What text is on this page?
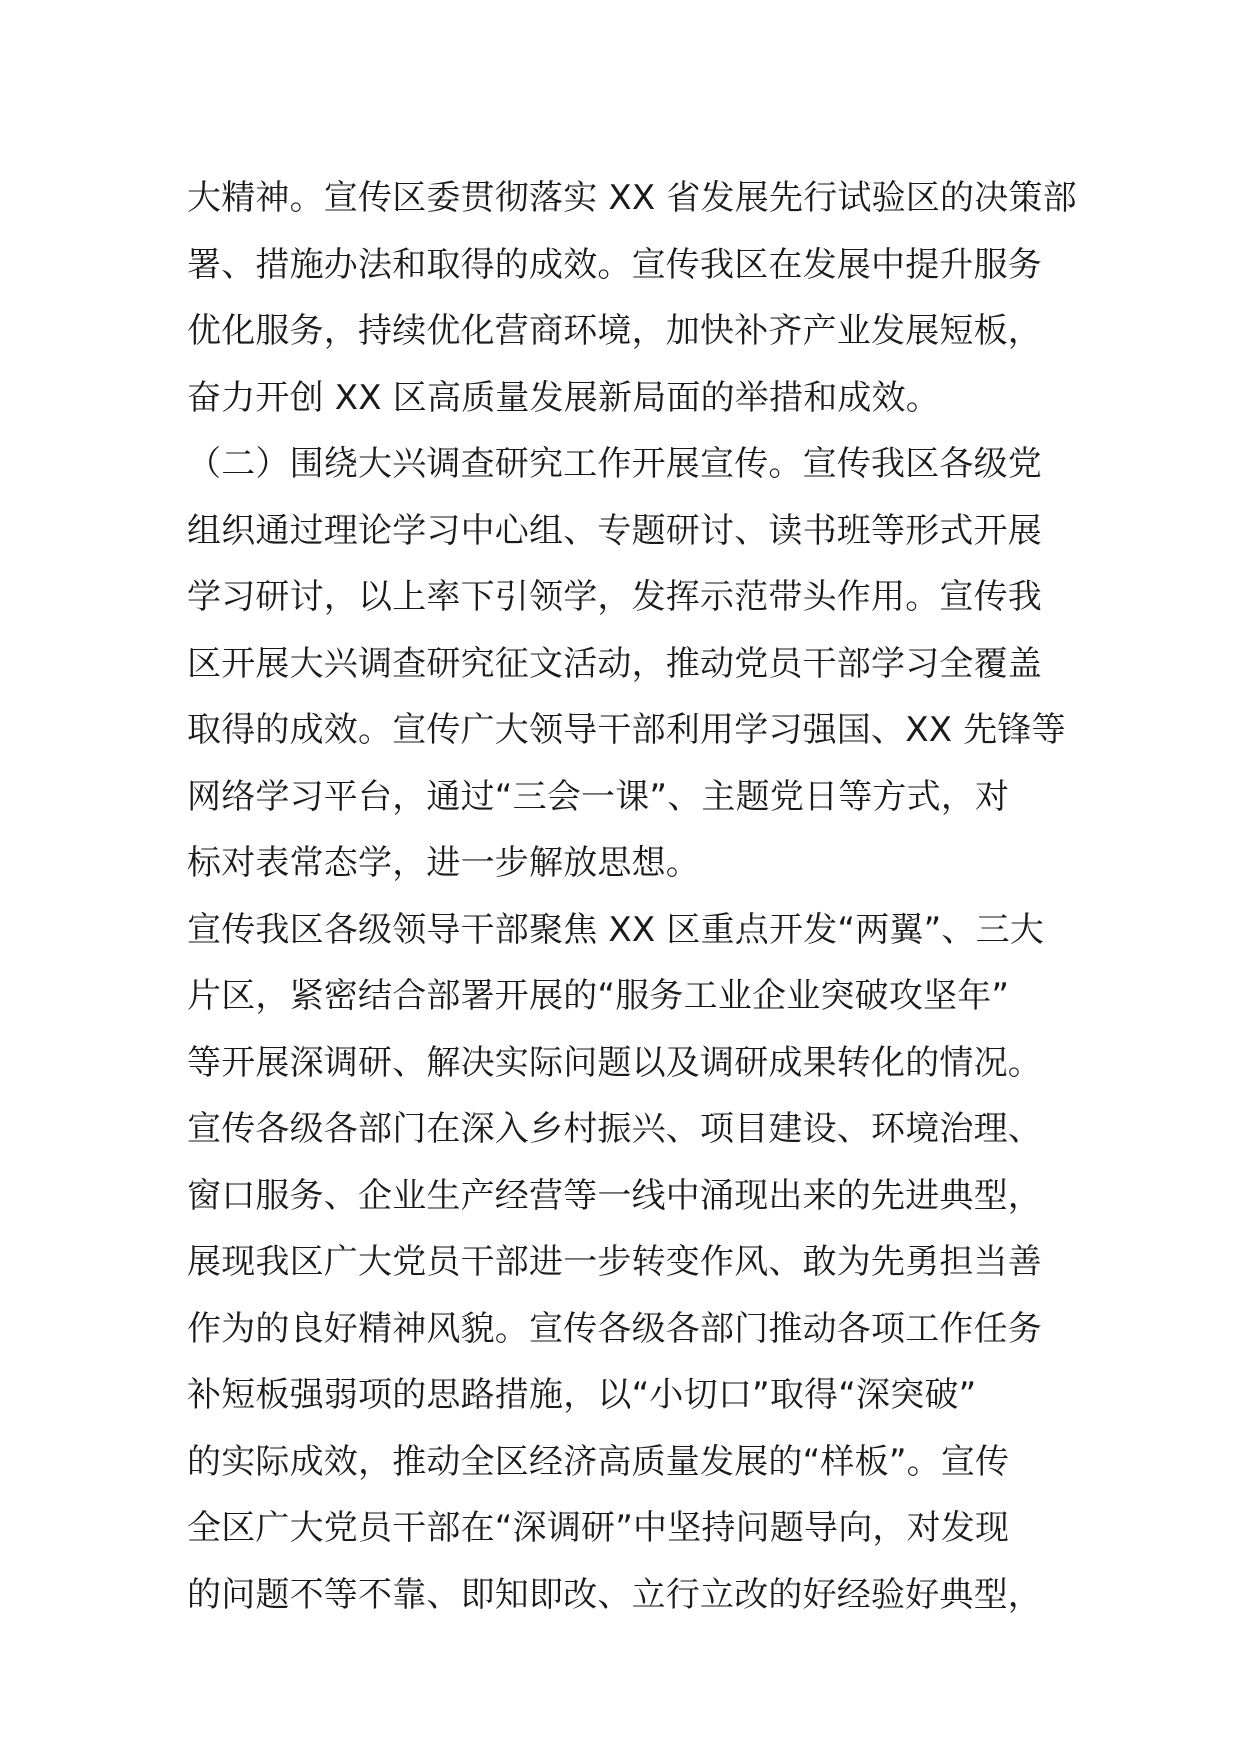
大精神。宣传区委贯彻落实 XX 省发展先行试验区的决策部
署、措施办法和取得的成效。宣传我区在发展中提升服务
优化服务，持续优化营商环境，加快补齐产业发展短板，
奋力开创 XX 区高质量发展新局面的举措和成效。
（二）围绕大兴调查研究工作开展宣传。宣传我区各级党
组织通过理论学习中心组、专题研讨、读书班等形式开展
学习研讨，以上率下引领学，发挥示范带头作用。宣传我
区开展大兴调查研究征文活动，推动党员干部学习全覆盖
取得的成效。宣传广大领导干部利用学习强国、XX 先锋等
网络学习平台，通过“三会一课”、主题党日等方式，对
标对表常态学，进一步解放思想。
宣传我区各级领导干部聚焦 XX 区重点开发“两翼”、三大
片区，紧密结合部署开展的“服务工业企业突破攻坚年”
等开展深调研、解决实际问题以及调研成果转化的情况。
宣传各级各部门在深入乡村振兴、项目建设、环境治理、
窗口服务、企业生产经营等一线中涌现出来的先进典型，
展现我区广大党员干部进一步转变作风、敢为先勇担当善
作为的良好精神风貌。宣传各级各部门推动各项工作任务
补短板强弱项的思路措施，以“小切口”取得“深突破”
的实际成效，推动全区经济高质量发展的“样板”。宣传
全区广大党员干部在“深调研”中坚持问题导向，对发现
的问题不等不靠、即知即改、立行立改的好经验好典型，
